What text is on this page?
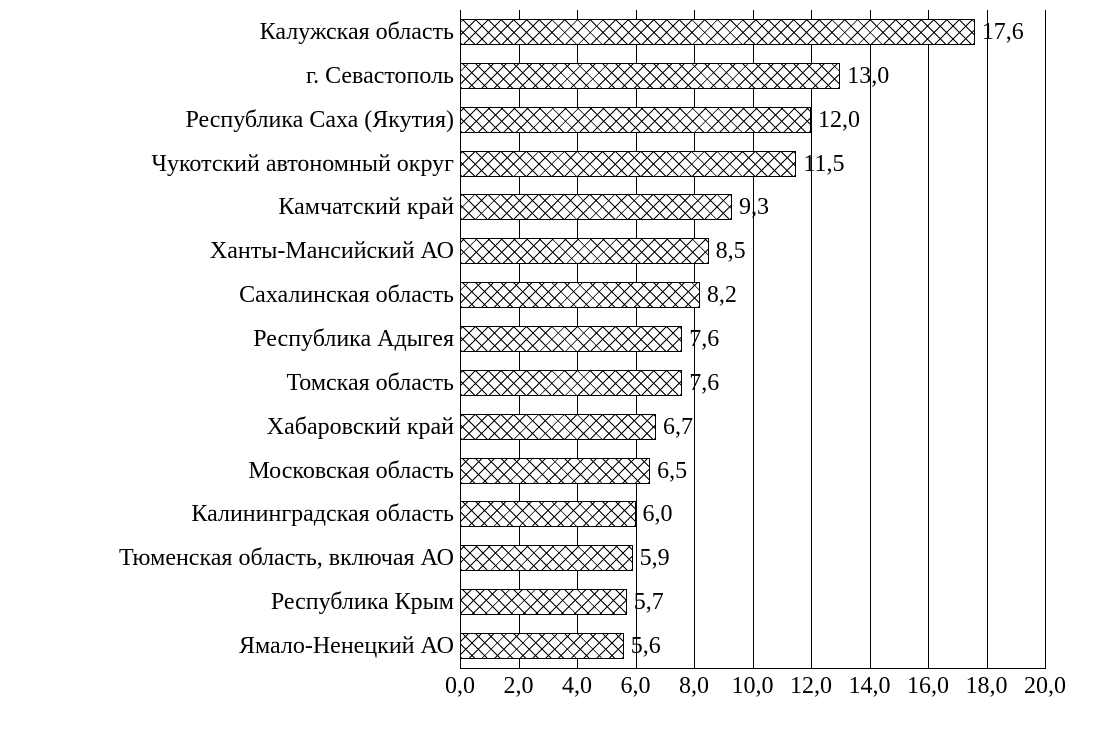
Калужская область	17,6
г. Севастополь	13,0
Республика Саха (Якутия)	12,0
Чукотский автономный округ	11,5
Камчатский край	9,3
Ханты-Мансийский АО	8,5
Сахалинская область	8,2
Республика Адыгея	7,6
Томская область	7,6
Хабаровский край	6,7
Московская область	6,5
Калининградская область	6,0
Тюменская область, включая АО	5,9
Республика Крым	5,7
Ямало-Ненецкий АО	5,6
0,0 2,0 4,0 6,0 8,0 10,0 12,0 14,0 16,0 18,0 20,0
